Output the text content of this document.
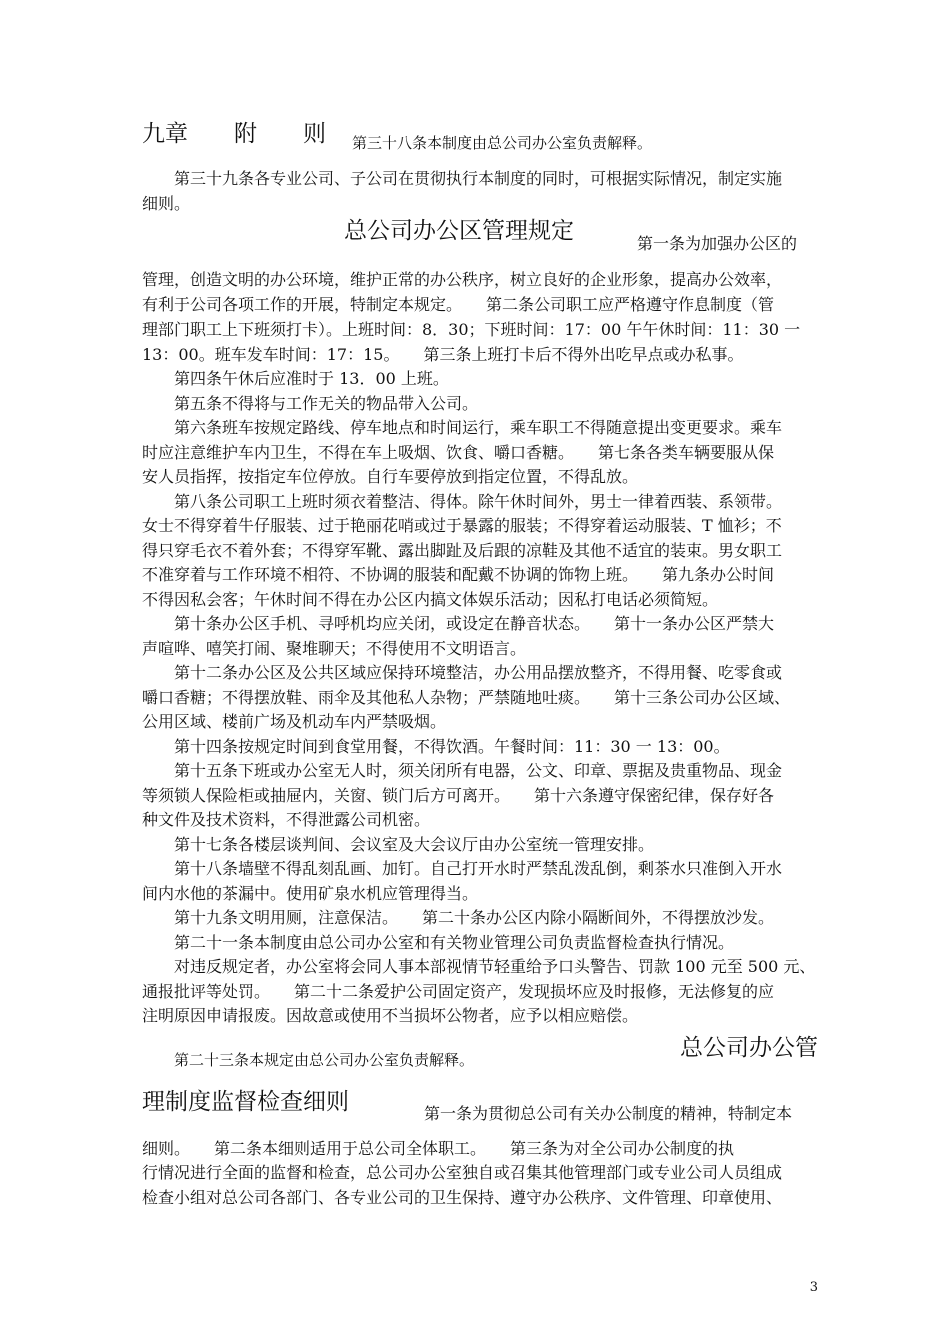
九章　　附　　则	第三十八条本制度由总公司办公室负责解释。
第三十九条各专业公司、子公司在贯彻执行本制度的同时，可根据实际情况，制定实施
细则。
总公司办公区管理规定	第一条为加强办公区的
管理，创造文明的办公环境，维护正常的办公秩序，树立良好的企业形象，提高办公效率，
有利于公司各项工作的开展，特制定本规定。　　第二条公司职工应严格遵守作息制度（管
理部门职工上下班须打卡）。上班时间：8．30；下班时间：17：00 午午休时间：11：30 一
13：00。班车发车时间：17：15。　　第三条上班打卡后不得外出吃早点或办私事。
第四条午休后应准时于 13．00 上班。
第五条不得将与工作无关的物品带入公司。
第六条班车按规定路线、停车地点和时间运行，乘车职工不得随意提出变更要求。乘车
时应注意维护车内卫生，不得在车上吸烟、饮食、嚼口香糖。　　第七条各类车辆要服从保
安人员指挥，按指定车位停放。自行车要停放到指定位置，不得乱放。
第八条公司职工上班时须衣着整洁、得体。除午休时间外，男士一律着西装、系领带。
女士不得穿着牛仔服装、过于艳丽花哨或过于暴露的服装；不得穿着运动服装、T 恤衫；不
得只穿毛衣不着外套；不得穿军靴、露出脚趾及后跟的凉鞋及其他不适宜的装束。男女职工
不准穿着与工作环境不相符、不协调的服装和配戴不协调的饰物上班。　　第九条办公时间
不得因私会客；午休时间不得在办公区内搞文体娱乐活动；因私打电话必须简短。
第十条办公区手机、寻呼机均应关闭，或设定在静音状态。　　第十一条办公区严禁大
声喧哗、嘻笑打闹、聚堆聊天；不得使用不文明语言。
第十二条办公区及公共区域应保持环境整洁，办公用品摆放整齐，不得用餐、吃零食或
嚼口香糖；不得摆放鞋、雨伞及其他私人杂物；严禁随地吐痰。　　第十三条公司办公区域、
公用区域、楼前广场及机动车内严禁吸烟。
第十四条按规定时间到食堂用餐，不得饮酒。午餐时间：11：30 一 13：00。
第十五条下班或办公室无人时，须关闭所有电器，公文、印章、票据及贵重物品、现金
等须锁人保险柜或抽屉内，关窗、锁门后方可离开。　　第十六条遵守保密纪律，保存好各
种文件及技术资料，不得泄露公司机密。
第十七条各楼层谈判间、会议室及大会议厅由办公室统一管理安排。
第十八条墙壁不得乱刻乱画、加钉。自己打开水时严禁乱泼乱倒，剩茶水只准倒入开水
间内水他的茶漏中。使用矿泉水机应管理得当。
第十九条文明用厕，注意保洁。　　第二十条办公区内除小隔断间外，不得摆放沙发。
第二十一条本制度由总公司办公室和有关物业管理公司负责监督检查执行情况。
对违反规定者，办公室将会同人事本部视情节轻重给予口头警告、罚款 100 元至 500 元、
通报批评等处罚。　　第二十二条爱护公司固定资产，发现损坏应及时报修，无法修复的应
注明原因申请报废。因故意或使用不当损坏公物者，应予以相应赔偿。
第二十三条本规定由总公司办公室负责解释。	总公司办公管
理制度监督检查细则	第一条为贯彻总公司有关办公制度的精神，特制定本
细则。　　第二条本细则适用于总公司全体职工。　　第三条为对全公司办公制度的执
行情况进行全面的监督和检查，总公司办公室独自或召集其他管理部门或专业公司人员组成
检查小组对总公司各部门、各专业公司的卫生保持、遵守办公秩序、文件管理、印章使用、
3
